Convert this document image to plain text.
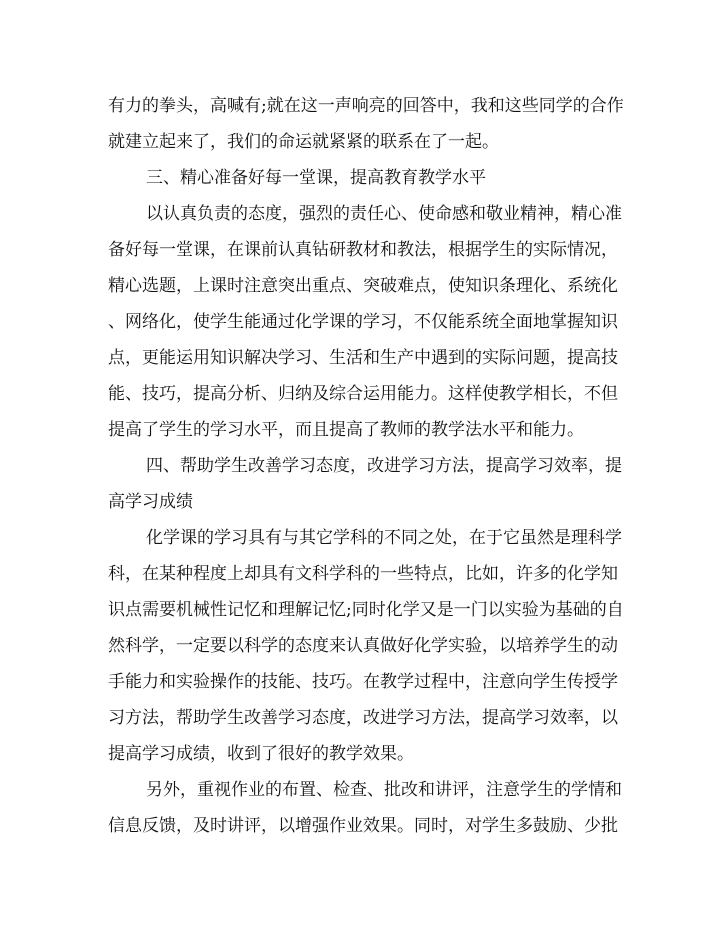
有力的拳头，高喊有;就在这一声响亮的回答中，我和这些同学的合作
就建立起来了，我们的命运就紧紧的联系在了一起。
三、精心准备好每一堂课，提高教育教学水平
以认真负责的态度，强烈的责任心、使命感和敬业精神，精心准
备好每一堂课，在课前认真钻研教材和教法，根据学生的实际情况，
精心选题，上课时注意突出重点、突破难点，使知识条理化、系统化
、网络化，使学生能通过化学课的学习，不仅能系统全面地掌握知识
点，更能运用知识解决学习、生活和生产中遇到的实际问题，提高技
能、技巧，提高分析、归纳及综合运用能力。这样使教学相长，不但
提高了学生的学习水平，而且提高了教师的教学法水平和能力。
四、帮助学生改善学习态度，改进学习方法，提高学习效率，提
高学习成绩
化学课的学习具有与其它学科的不同之处，在于它虽然是理科学
科，在某种程度上却具有文科学科的一些特点，比如，许多的化学知
识点需要机械性记忆和理解记忆;同时化学又是一门以实验为基础的自
然科学，一定要以科学的态度来认真做好化学实验，以培养学生的动
手能力和实验操作的技能、技巧。在教学过程中，注意向学生传授学
习方法，帮助学生改善学习态度，改进学习方法，提高学习效率，以
提高学习成绩，收到了很好的教学效果。
另外，重视作业的布置、检查、批改和讲评，注意学生的学情和
信息反馈，及时讲评，以增强作业效果。同时，对学生多鼓励、少批
